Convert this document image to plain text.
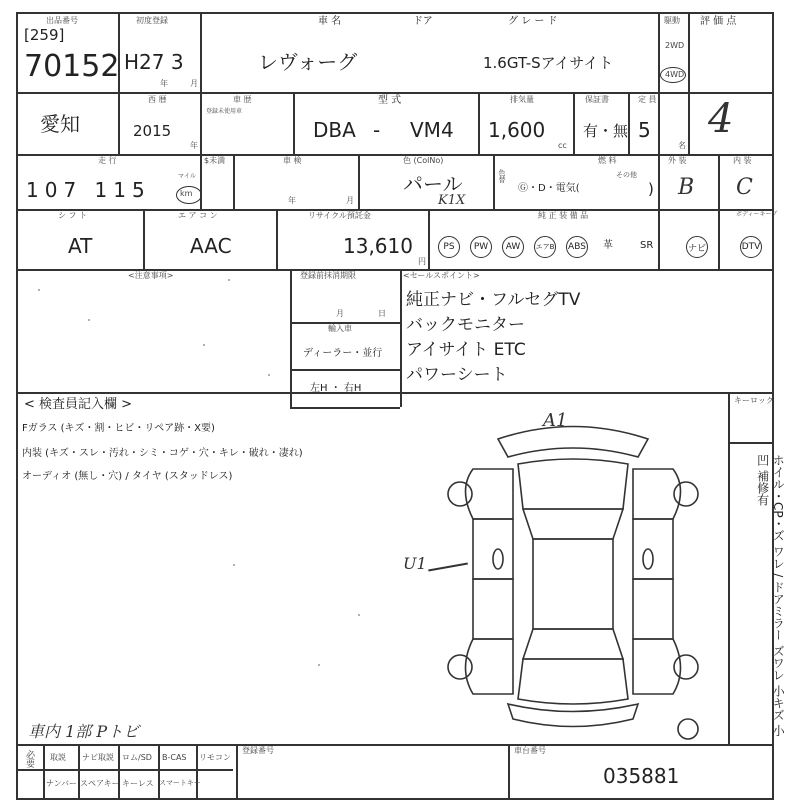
出品番号
[259]
70152
初度登録
H27 3
年	月
車 名
レヴォーグ
ドア	グ レ ー ド
1.6GT-Sアイサイト
駆動
2WD
4WD
評 価 点
4
愛知
西 暦
2015
年
車 歴
登録未使用車
型 式
DBA - VM4
排気量
1,600
cc
保証書
有・無
定 員
5
名
走 行	$未満
107 115
マイル
km
車 検
年	月
色 (ColNo)
パール
K1X
色替
燃 料
Ⓖ・D・電気(
その他
)
外 装
B
内 装
C
シ フ ト
AT
エ ア コ ン
AAC
リサイクル預託金
13,610
円
純 正 装 備 品	ボディーキーブ
PS	PW	AW	エアB ABS 革	SR	ナビ	DTV
<注意事項>	登録前抹消期限
月	日
輸入車
ディーラー・並行
左H ・ 右H
<セールスポイント>
純正ナビ・フルセグTV
バックモニター
アイサイト ETC
パワーシート
< 検査員記入欄 >
Fガラス (キズ・割・ヒビ・リペア跡・X要)
内装 (キズ・スレ・汚れ・シミ・コゲ・穴・キレ・破れ・凄れ)
オーディオ (無し・穴) / タイヤ (スタッドレス)
車内 1部 Pトビ
キーロック
ホイル・CP・ズ ワレ / ドアミラー ズワレ 小キズ 小凹 補修有
A1
U1
必要 取説
ナンバー
ナビ取説
スペアキー
ロム/SD
キーレス
B-CAS
スマートキー
リモコン
登録番号	車台番号
035881
